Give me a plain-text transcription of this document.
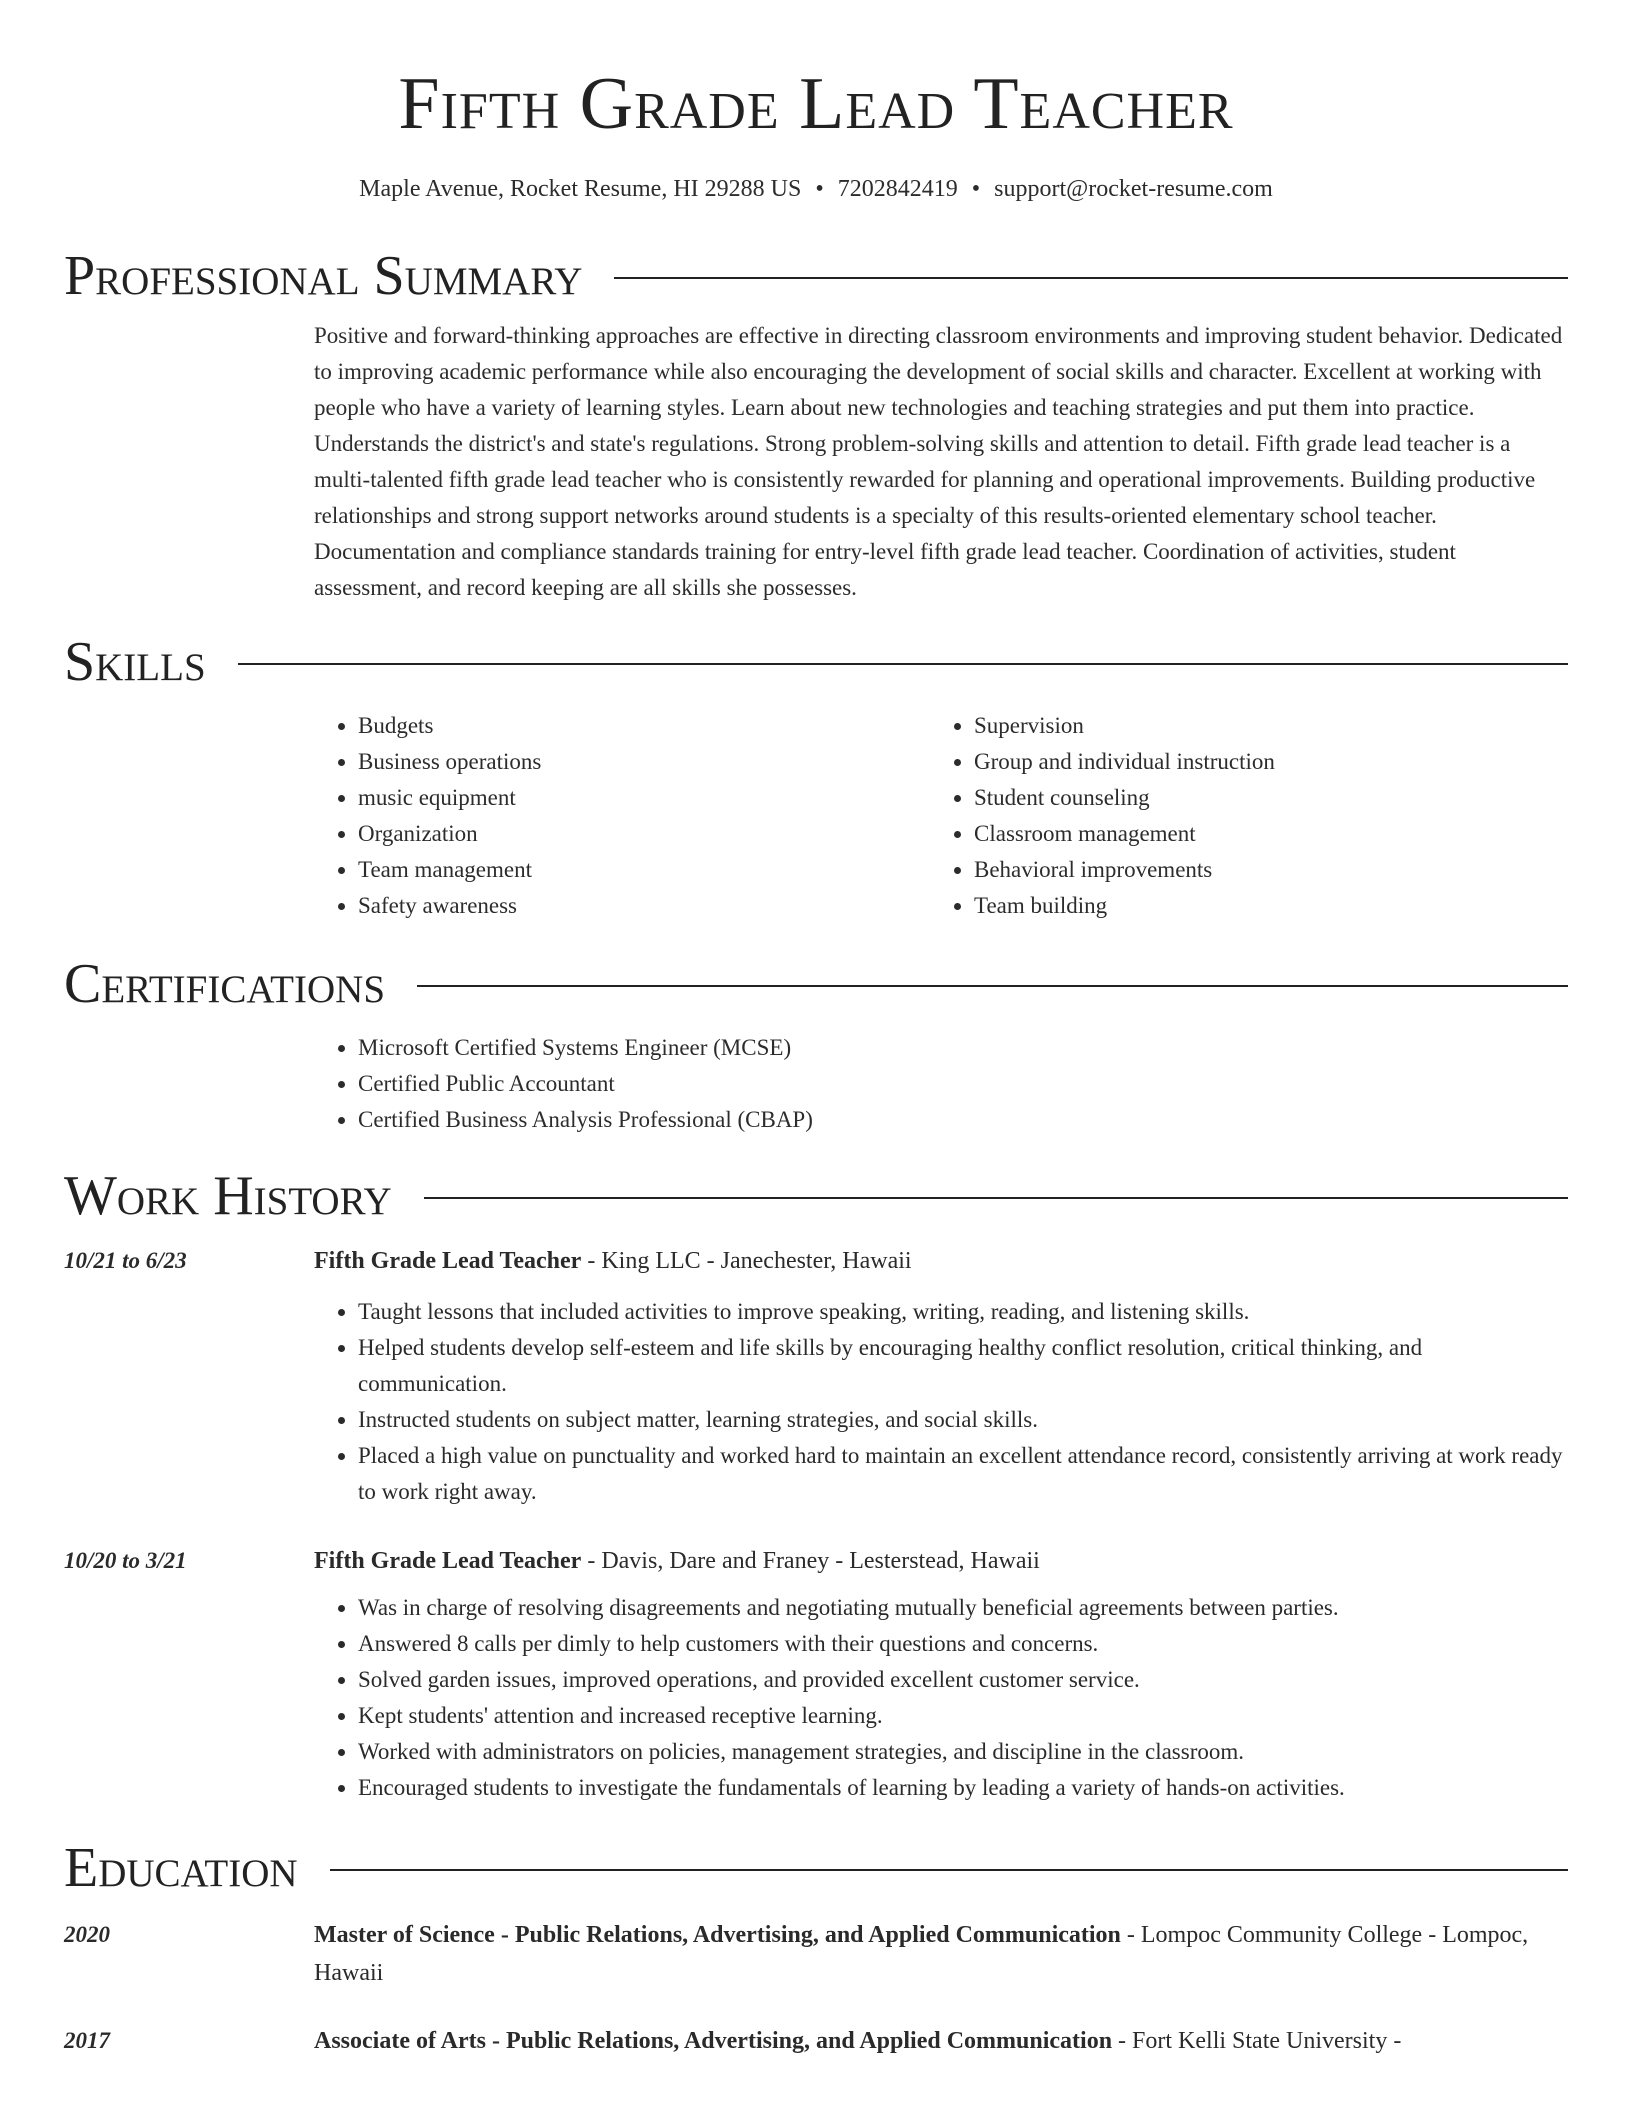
Fifth Grade Lead Teacher
Maple Avenue, Rocket Resume, HI 29288 US • 7202842419 • support@rocket-resume.com
Professional Summary
Positive and forward-thinking approaches are effective in directing classroom environments and improving student behavior. Dedicated to improving academic performance while also encouraging the development of social skills and character. Excellent at working with people who have a variety of learning styles. Learn about new technologies and teaching strategies and put them into practice. Understands the district's and state's regulations. Strong problem-solving skills and attention to detail. Fifth grade lead teacher is a multi-talented fifth grade lead teacher who is consistently rewarded for planning and operational improvements. Building productive relationships and strong support networks around students is a specialty of this results-oriented elementary school teacher. Documentation and compliance standards training for entry-level fifth grade lead teacher. Coordination of activities, student assessment, and record keeping are all skills she possesses.
Skills
• Budgets
• Business operations
• music equipment
• Organization
• Team management
• Safety awareness
• Supervision
• Group and individual instruction
• Student counseling
• Classroom management
• Behavioral improvements
• Team building
Certifications
• Microsoft Certified Systems Engineer (MCSE)
• Certified Public Accountant
• Certified Business Analysis Professional (CBAP)
Work History
10/21 to 6/23	Fifth Grade Lead Teacher - King LLC - Janechester, Hawaii
• Taught lessons that included activities to improve speaking, writing, reading, and listening skills.
• Helped students develop self-esteem and life skills by encouraging healthy conflict resolution, critical thinking, and communication.
• Instructed students on subject matter, learning strategies, and social skills.
• Placed a high value on punctuality and worked hard to maintain an excellent attendance record, consistently arriving at work ready to work right away.
10/20 to 3/21	Fifth Grade Lead Teacher - Davis, Dare and Franey - Lesterstead, Hawaii
• Was in charge of resolving disagreements and negotiating mutually beneficial agreements between parties.
• Answered 8 calls per dimly to help customers with their questions and concerns.
• Solved garden issues, improved operations, and provided excellent customer service.
• Kept students' attention and increased receptive learning.
• Worked with administrators on policies, management strategies, and discipline in the classroom.
• Encouraged students to investigate the fundamentals of learning by leading a variety of hands-on activities.
Education
2020	Master of Science - Public Relations, Advertising, and Applied Communication - Lompoc Community College - Lompoc, Hawaii
2017	Associate of Arts - Public Relations, Advertising, and Applied Communication - Fort Kelli State University -
